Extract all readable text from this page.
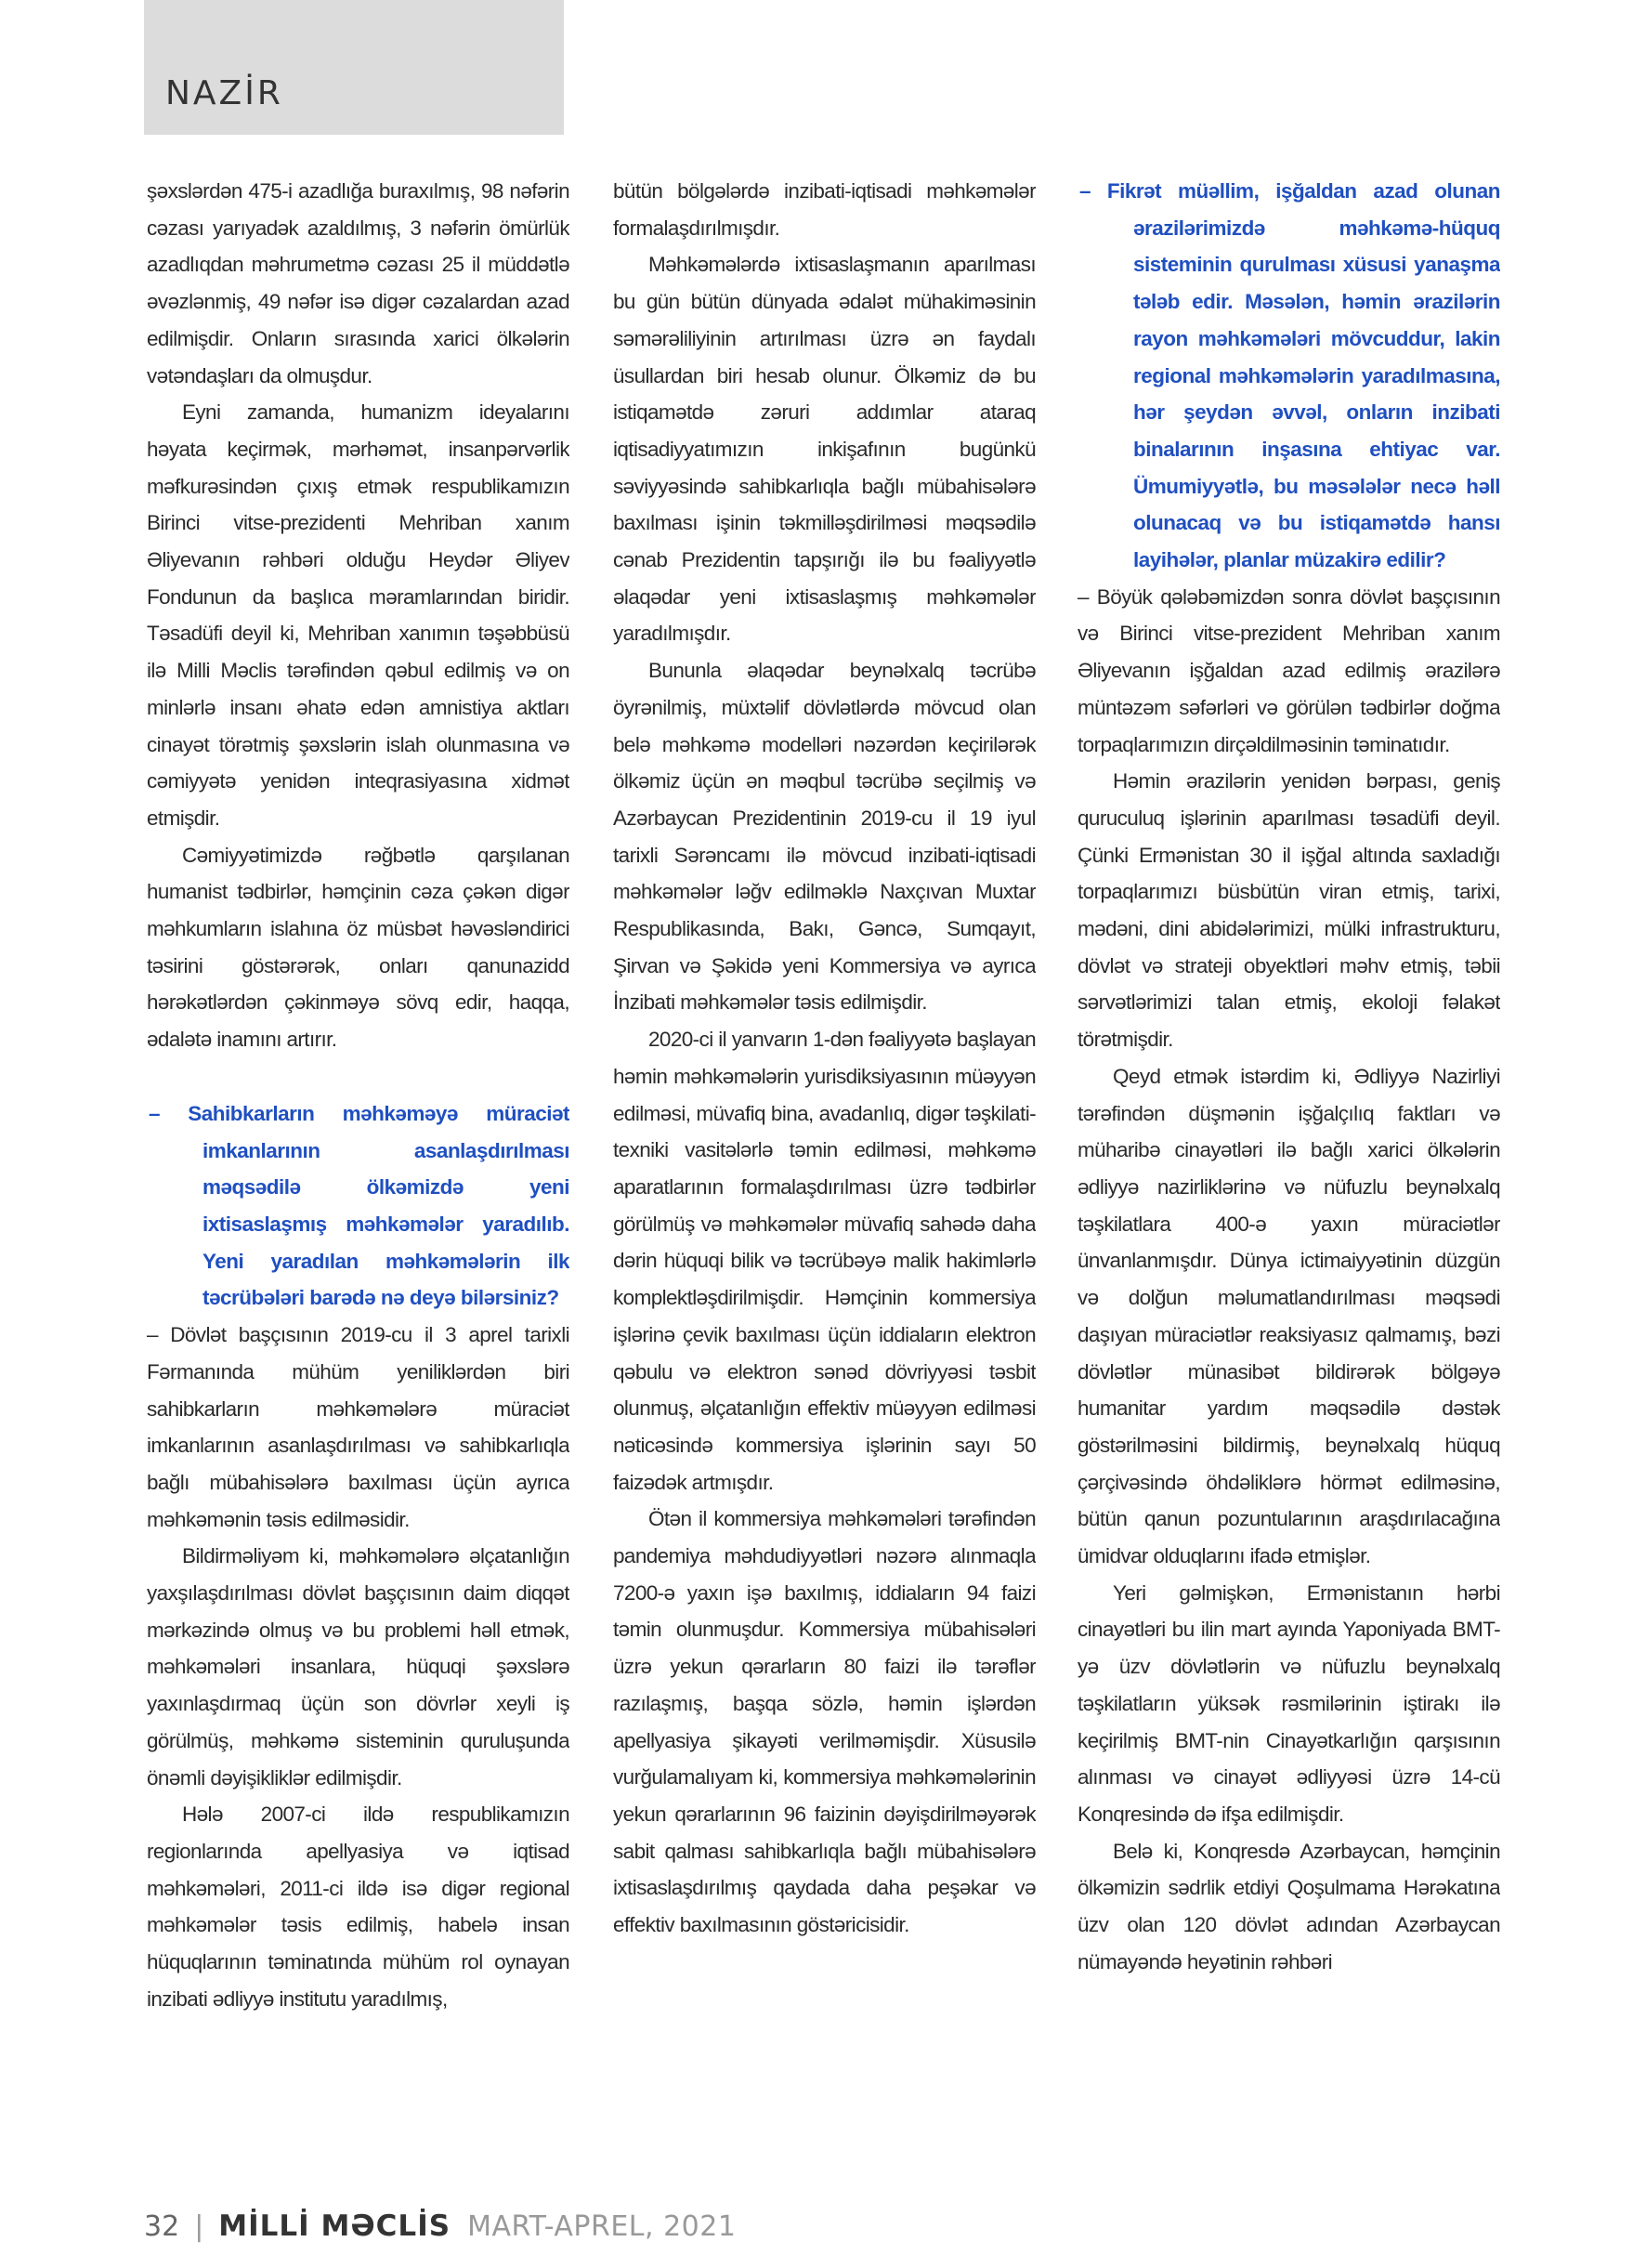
NAZİR

şəxslərdən 475-i azadlığa buraxılmış, 98 nəfərin cəzası yarıyadək azaldılmış, 3 nəfərin ömürlük azadlıqdan məhrumetmə cəzası 25 il müddətlə əvəzlənmiş, 49 nəfər isə digər cəzalardan azad edilmişdir. Onların sırasında xarici ölkələrin vətəndaşları da olmuşdur.

Eyni zamanda, humanizm ideyalarını həyata keçirmək, mərhəmət, insanpərvərlik məfkurəsindən çıxış etmək respublikamızın Birinci vitse-prezidenti Mehriban xanım Əliyevanın rəhbəri olduğu Heydər Əliyev Fondunun da başlıca məramlarından biridir. Təsadüfi deyil ki, Mehriban xanımın təşəbbüsü ilə Milli Məclis tərəfindən qəbul edilmiş və on minlərlə insanı əhatə edən amnistiya aktları cinayət törətmiş şəxslərin islah olunmasına və cəmiyyətə yenidən inteqrasiyasına xidmət etmişdir.

Cəmiyyətimizdə rəğbətlə qarşılanan humanist tədbirlər, həmçinin cəza çəkən digər məhkumların islahına öz müsbət həvəsləndirici təsirini göstərərək, onları qanunazidd hərəkətlərdən çəkinməyə sövq edir, haqqa, ədalətə inamını artırır.

– Sahibkarların məhkəməyə müraciət imkanlarının asanlaşdırılması məqsədilə ölkəmizdə yeni ixtisaslaşmış məhkəmələr yaradılıb. Yeni yaradılan məhkəmələrin ilk təcrübələri barədə nə deyə bilərsiniz?

– Dövlət başçısının 2019-cu il 3 aprel tarixli Fərmanında mühüm yeniliklərdən biri sahibkarların məhkəmələrə müraciət imkanlarının asanlaşdırılması və sahibkarlıqla bağlı mübahisələrə baxılması üçün ayrıca məhkəmənin təsis edilməsidir.

Bildirməliyəm ki, məhkəmələrə əlçatanlığın yaxşılaşdırılması dövlət başçısının daim diqqət mərkəzində olmuş və bu problemi həll etmək, məhkəmələri insanlara, hüquqi şəxslərə yaxınlaşdırmaq üçün son dövrlər xeyli iş görülmüş, məhkəmə sisteminin quruluşunda önəmli dəyişikliklər edilmişdir.

Hələ 2007-ci ildə respublikamızın regionlarında apellyasiya və iqtisad məhkəmələri, 2011-ci ildə isə digər regional məhkəmələr təsis edilmiş, habelə insan hüquqlarının təminatında mühüm rol oynayan inzibati ədliyyə institutu yaradılmış,

bütün bölgələrdə inzibati-iqtisadi məhkəmələr formalaşdırılmışdır.

Məhkəmələrdə ixtisaslaşmanın aparılması bu gün bütün dünyada ədalət mühakiməsinin səmərəliliyinin artırılması üzrə ən faydalı üsullardan biri hesab olunur. Ölkəmiz də bu istiqamətdə zəruri addımlar ataraq iqtisadiyyatımızın inkişafının bugünkü səviyyəsində sahibkarlıqla bağlı mübahisələrə baxılması işinin təkmilləşdirilməsi məqsədilə cənab Prezidentin tapşırığı ilə bu fəaliyyətlə əlaqədar yeni ixtisaslaşmış məhkəmələr yaradılmışdır.

Bununla əlaqədar beynəlxalq təcrübə öyrənilmiş, müxtəlif dövlətlərdə mövcud olan belə məhkəmə modelləri nəzərdən keçirilərək ölkəmiz üçün ən məqbul təcrübə seçilmiş və Azərbaycan Prezidentinin 2019-cu il 19 iyul tarixli Sərəncamı ilə mövcud inzibati-iqtisadi məhkəmələr ləğv edilməklə Naxçıvan Muxtar Respublikasında, Bakı, Gəncə, Sumqayıt, Şirvan və Şəkidə yeni Kommersiya və ayrıca İnzibati məhkəmələr təsis edilmişdir.

2020-ci il yanvarın 1-dən fəaliyyətə başlayan həmin məhkəmələrin yurisdiksiyasının müəyyən edilməsi, müvafiq bina, avadanlıq, digər təşkilati-texniki vasitələrlə təmin edilməsi, məhkəmə aparatlarının formalaşdırılması üzrə tədbirlər görülmüş və məhkəmələr müvafiq sahədə daha dərin hüquqi bilik və təcrübəyə malik hakimlərlə komplektləşdirilmişdir. Həmçinin kommersiya işlərinə çevik baxılması üçün iddiaların elektron qəbulu və elektron sənəd dövriyyəsi təsbit olunmuş, əlçatanlığın effektiv müəyyən edilməsi nəticəsində kommersiya işlərinin sayı 50 faizədək artmışdır.

Ötən il kommersiya məhkəmələri tərəfindən pandemiya məhdudiyyətləri nəzərə alınmaqla 7200-ə yaxın işə baxılmış, iddiaların 94 faizi təmin olunmuşdur. Kommersiya mübahisələri üzrə yekun qərarların 80 faizi ilə tərəflər razılaşmış, başqa sözlə, həmin işlərdən apellyasiya şikayəti verilməmişdir. Xüsusilə vurğulamalıyam ki, kommersiya məhkəmələrinin yekun qərarlarının 96 faizinin dəyişdirilməyərək sabit qalması sahibkarlıqla bağlı mübahisələrə ixtisaslaşdırılmış qaydada daha peşəkar və effektiv baxılmasının göstəricisidir.

– Fikrət müəllim, işğaldan azad olunan ərazilərimizdə məhkəmə-hüquq sisteminin qurulması xüsusi yanaşma tələb edir. Məsələn, həmin ərazilərin rayon məhkəmələri mövcuddur, lakin regional məhkəmələrin yaradılmasına, hər şeydən əvvəl, onların inzibati binalarının inşasına ehtiyac var. Ümumiyyətlə, bu məsələlər necə həll olunacaq və bu istiqamətdə hansı layihələr, planlar müzakirə edilir?

– Böyük qələbəmizdən sonra dövlət başçısının və Birinci vitse-prezident Mehriban xanım Əliyevanın işğaldan azad edilmiş ərazilərə müntəzəm səfərləri və görülən tədbirlər doğma torpaqlarımızın dirçəldilməsinin təminatıdır.

Həmin ərazilərin yenidən bərpası, geniş quruculuq işlərinin aparılması təsadüfi deyil. Çünki Ermənistan 30 il işğal altında saxladığı torpaqlarımızı büsbütün viran etmiş, tarixi, mədəni, dini abidələrimizi, mülki infrastrukturu, dövlət və strateji obyektləri məhv etmiş, təbii sərvətlərimizi talan etmiş, ekoloji fəlakət törətmişdir.

Qeyd etmək istərdim ki, Ədliyyə Nazirliyi tərəfindən düşmənin işğalçılıq faktları və müharibə cinayətləri ilə bağlı xarici ölkələrin ədliyyə nazirliklərinə və nüfuzlu beynəlxalq təşkilatlara 400-ə yaxın müraciətlər ünvanlanmışdır. Dünya ictimaiyyətinin düzgün və dolğun məlumatlandırılması məqsədi daşıyan müraciətlər reaksiyasız qalmamış, bəzi dövlətlər münasibət bildirərək bölgəyə humanitar yardım məqsədilə dəstək göstərilməsini bildirmiş, beynəlxalq hüquq çərçivəsində öhdəliklərə hörmət edilməsinə, bütün qanun pozuntularının araşdırılacağına ümidvar olduqlarını ifadə etmişlər.

Yeri gəlmişkən, Ermənistanın hərbi cinayətləri bu ilin mart ayında Yaponiyada BMT-yə üzv dövlətlərin və nüfuzlu beynəlxalq təşkilatların yüksək rəsmilərinin iştirakı ilə keçirilmiş BMT-nin Cinayətkarlığın qarşısının alınması və cinayət ədliyyəsi üzrə 14-cü Konqresində də ifşa edilmişdir.

Belə ki, Konqresdə Azərbaycan, həmçinin ölkəmizin sədrlik etdiyi Qoşulmama Hərəkatına üzv olan 120 dövlət adından Azərbaycan nümayəndə heyətinin rəhbəri

32 | MİLLİ MƏCLİS MART-APREL, 2021
